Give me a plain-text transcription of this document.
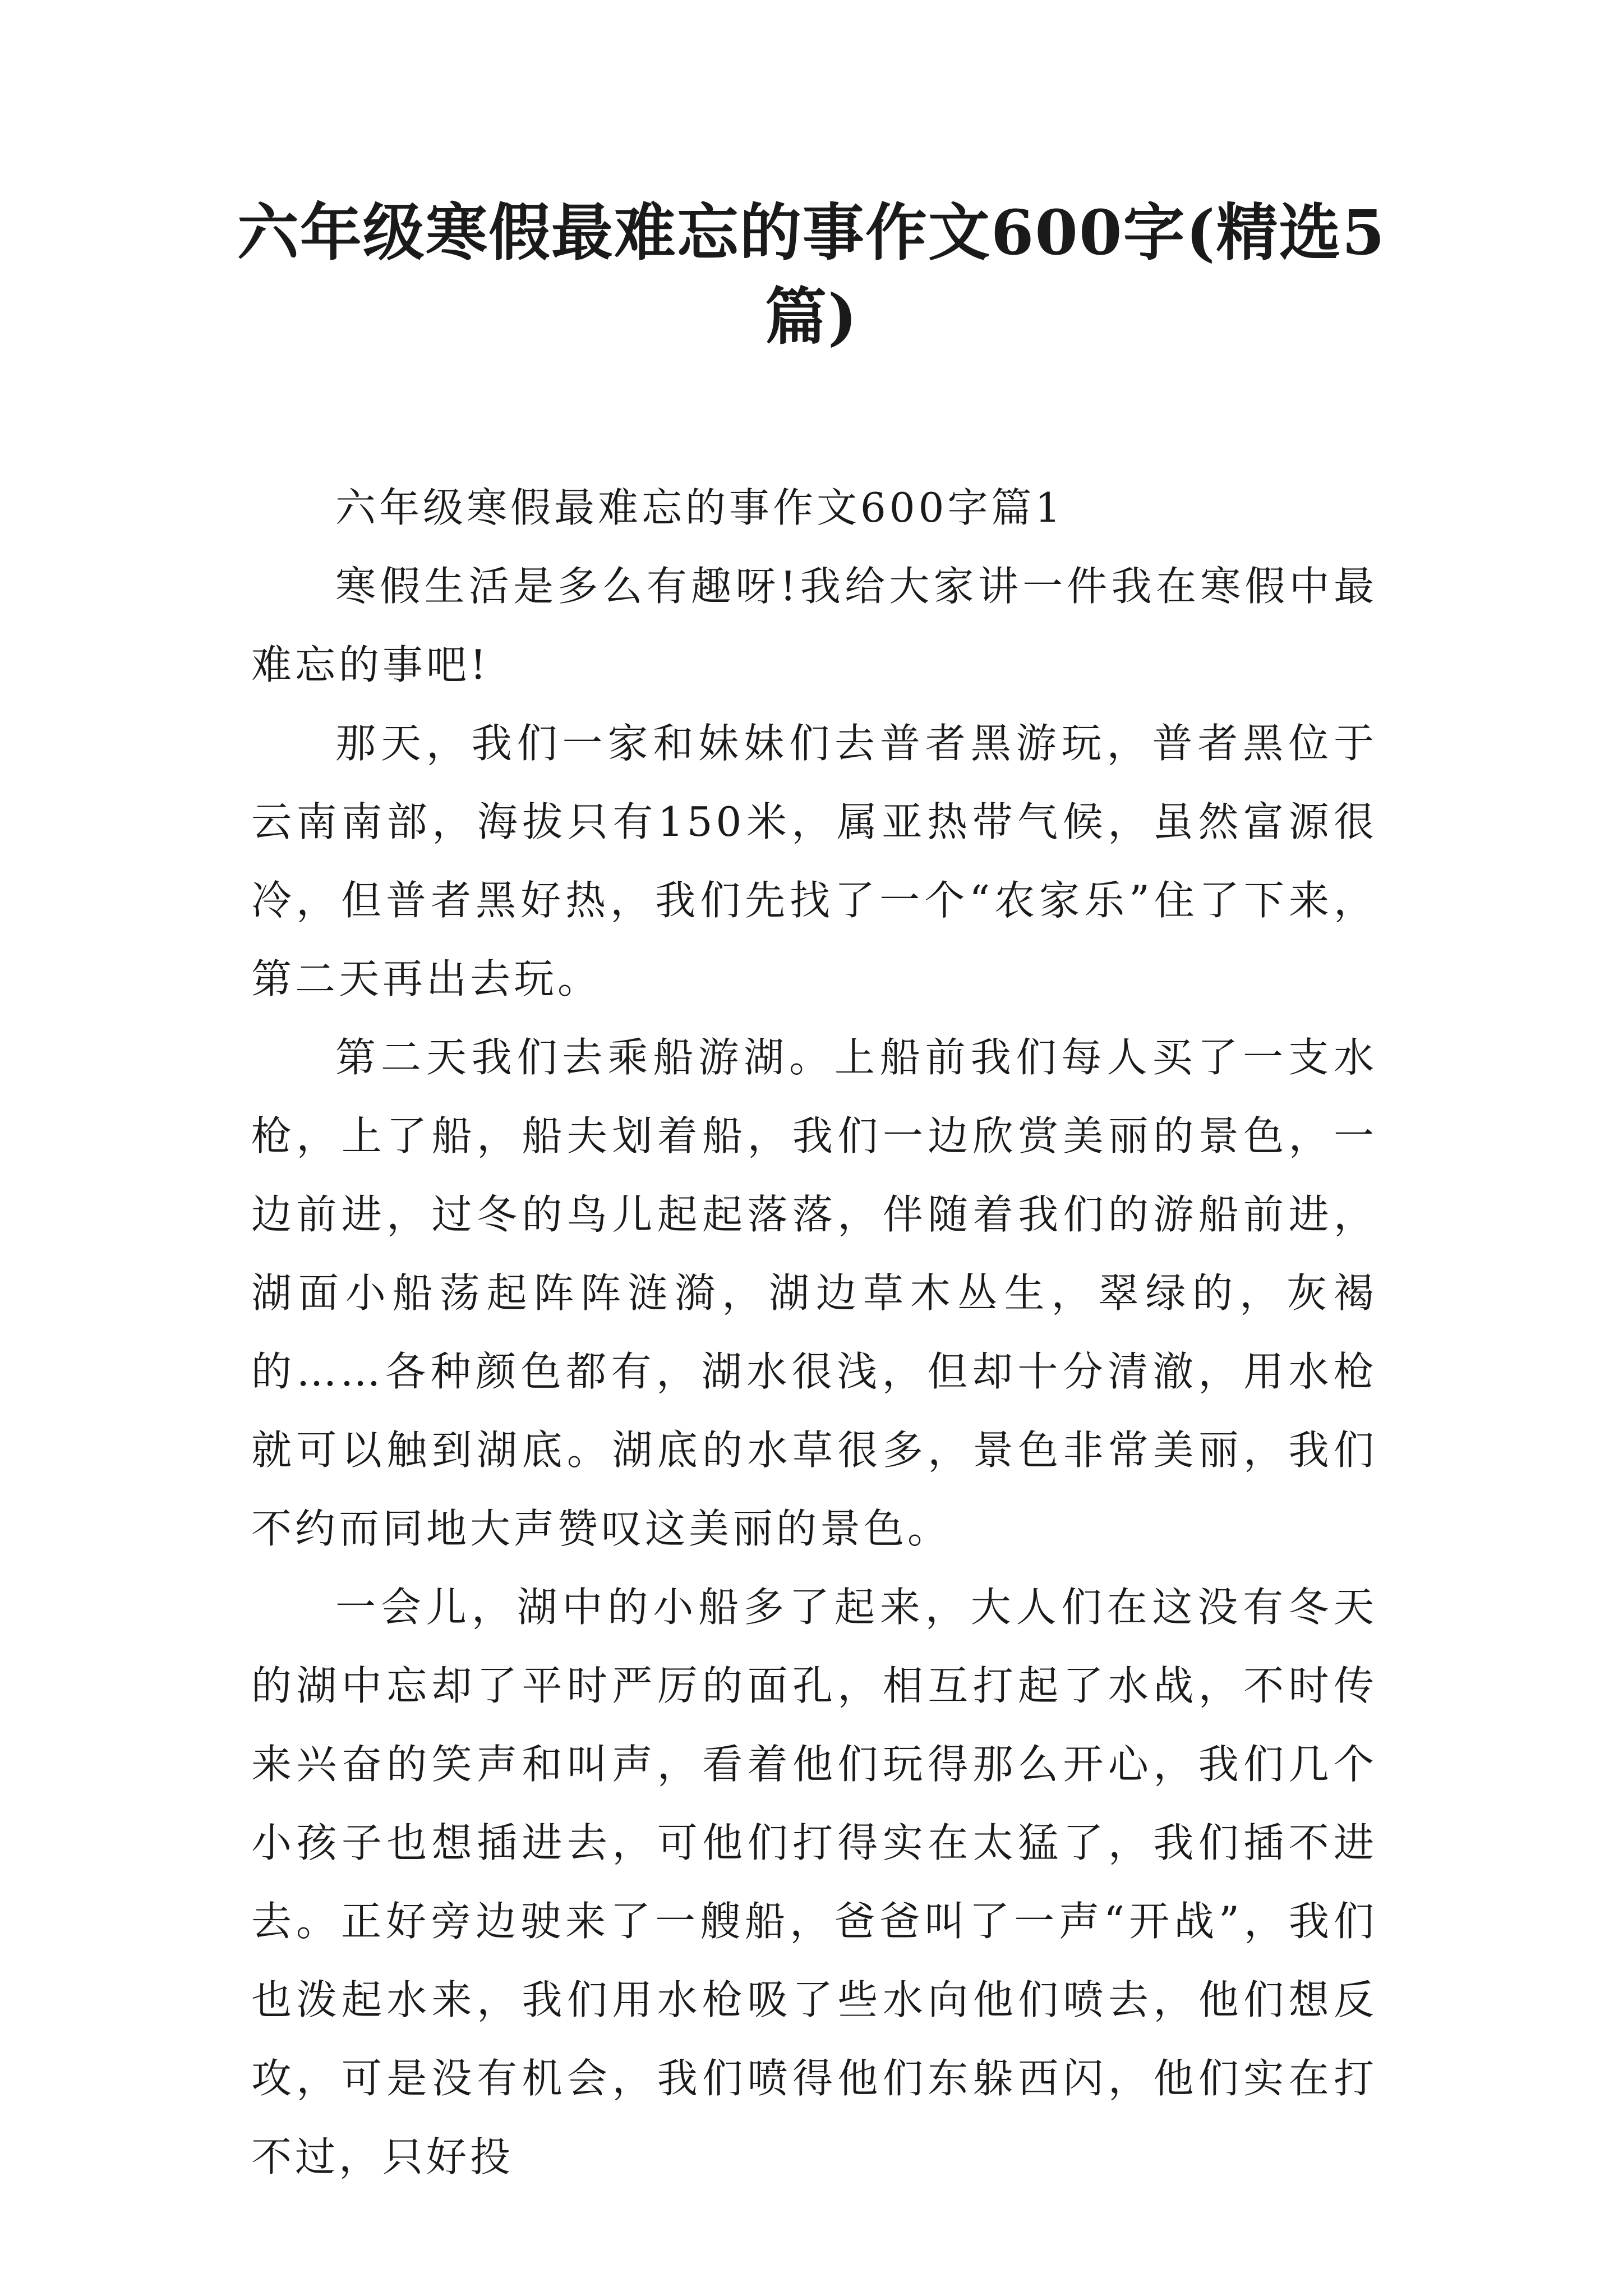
六年级寒假最难忘的事作文600字(精选5篇)

六年级寒假最难忘的事作文600字篇1

寒假生活是多么有趣呀!我给大家讲一件我在寒假中最难忘的事吧!

那天，我们一家和妹妹们去普者黑游玩，普者黑位于云南南部，海拔只有150米，属亚热带气候，虽然富源很冷，但普者黑好热，我们先找了一个“农家乐”住了下来，第二天再出去玩。

第二天我们去乘船游湖。上船前我们每人买了一支水枪，上了船，船夫划着船，我们一边欣赏美丽的景色，一边前进，过冬的鸟儿起起落落，伴随着我们的游船前进，湖面小船荡起阵阵涟漪，湖边草木丛生，翠绿的，灰褐的……各种颜色都有，湖水很浅，但却十分清澈，用水枪就可以触到湖底。湖底的水草很多，景色非常美丽，我们不约而同地大声赞叹这美丽的景色。

一会儿，湖中的小船多了起来，大人们在这没有冬天的湖中忘却了平时严厉的面孔，相互打起了水战，不时传来兴奋的笑声和叫声，看着他们玩得那么开心，我们几个小孩子也想插进去，可他们打得实在太猛了，我们插不进去。正好旁边驶来了一艘船，爸爸叫了一声“开战”，我们也泼起水来，我们用水枪吸了些水向他们喷去，他们想反攻，可是没有机会，我们喷得他们东躲西闪，他们实在打不过，只好投
